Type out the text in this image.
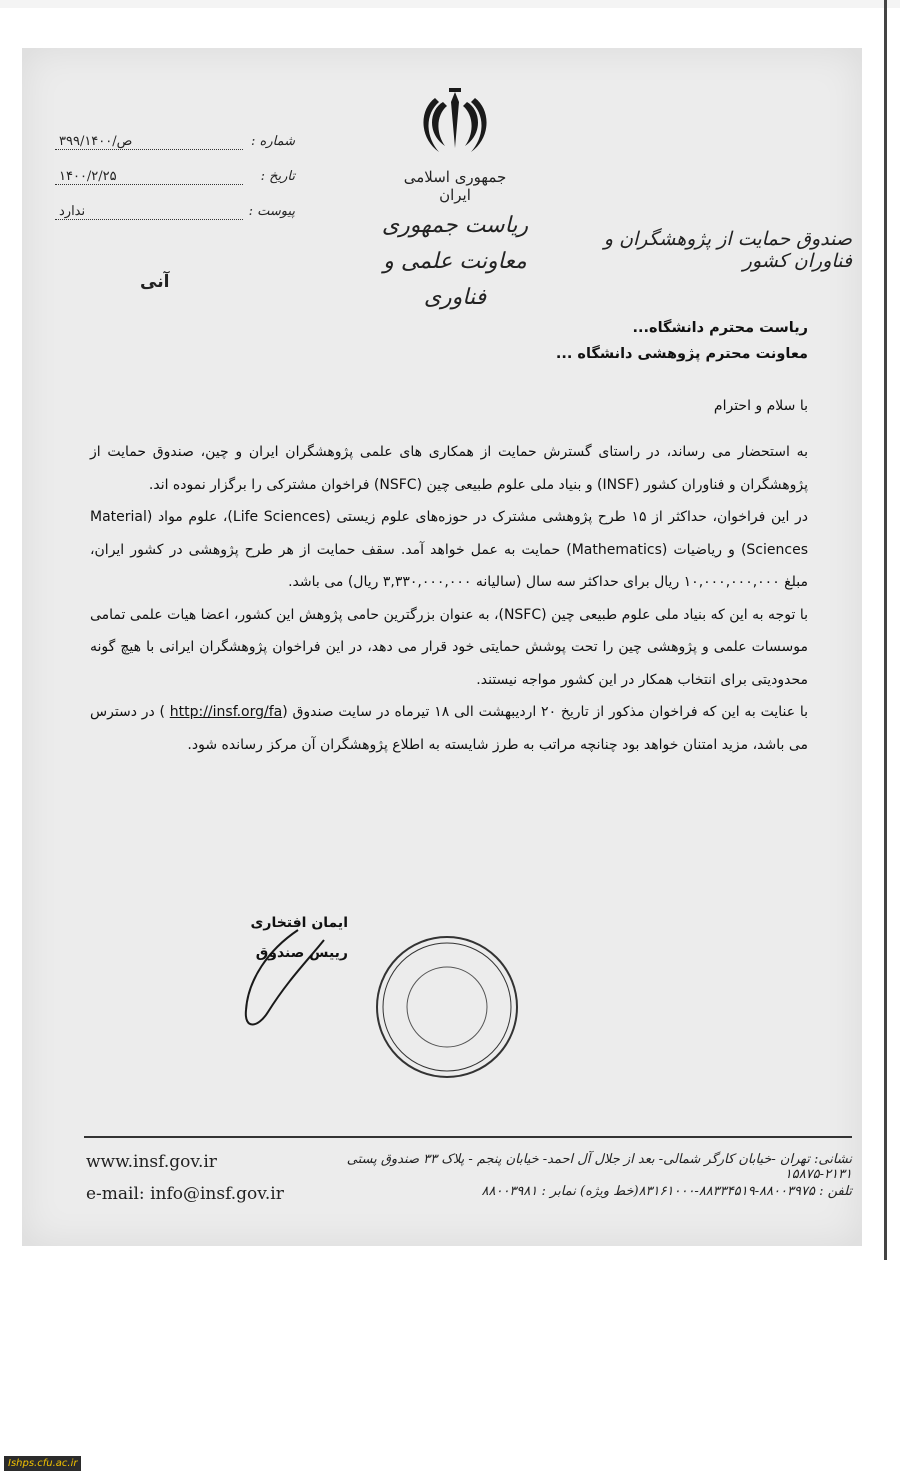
جمهوری اسلامی ایران
ریاست جمهوری
معاونت علمی و فناوری
صندوق حمایت از پژوهشگران و فناوران کشور
شماره :
۳۹۹/ص/۱۴۰۰
تاریخ :
۱۴۰۰/۲/۲۵
پیوست :
ندارد
آنی

ریاست محترم دانشگاه...

معاونت محترم پژوهشی دانشگاه ...

با سلام و احترام

به استحضار می رساند، در راستای گسترش حمایت از همکاری های علمی پژوهشگران ایران و چین، صندوق حمایت از پژوهشگران و فناوران کشور (INSF) و بنیاد ملی علوم طبیعی چین (NSFC) فراخوان مشترکی را برگزار نموده اند.

در این فراخوان، حداکثر از ۱۵ طرح پژوهشی مشترک در حوزه‌های علوم زیستی (Life Sciences)، علوم مواد (Material Sciences) و ریاضیات (Mathematics) حمایت به عمل خواهد آمد. سقف حمایت از هر طرح پژوهشی در کشور ایران، مبلغ ۱۰,۰۰۰,۰۰۰,۰۰۰ ریال برای حداکثر سه سال (سالیانه ۳,۳۳۰,۰۰۰,۰۰۰ ریال) می باشد.

با توجه به این که بنیاد ملی علوم طبیعی چین (NSFC)، به عنوان بزرگترین حامی پژوهش این کشور، اعضا هیات علمی تمامی موسسات علمی و پژوهشی چین را تحت پوشش حمایتی خود قرار می دهد، در این فراخوان پژوهشگران ایرانی با هیچ گونه محدودیتی برای انتخاب همکار در این کشور مواجه نیستند.

با عنایت به این که فراخوان مذکور از تاریخ ۲۰ اردیبهشت الی ۱۸ تیرماه در سایت صندوق (http://insf.org/fa ) در دسترس می باشد، مزید امتنان خواهد بود چنانچه مراتب به طرز شایسته به اطلاع پژوهشگران آن مرکز رسانده شود.

ایمان افتخاری
رییس صندوق
www.insf.gov.ir
e-mail: info@insf.gov.ir
نشانی: تهران -خیابان کارگر شمالی- بعد از جلال آل احمد- خیابان پنجم - پلاک ۳۳ صندوق پستی ۲۱۳۱-۱۵۸۷۵
تلفن : ۸۸۰۰۳۹۷۵-۸۸۳۳۴۵۱۹-۸۳۱۶۱۰۰۰(خط ویژه) نمابر : ۸۸۰۰۳۹۸۱
Ishps.cfu.ac.ir
